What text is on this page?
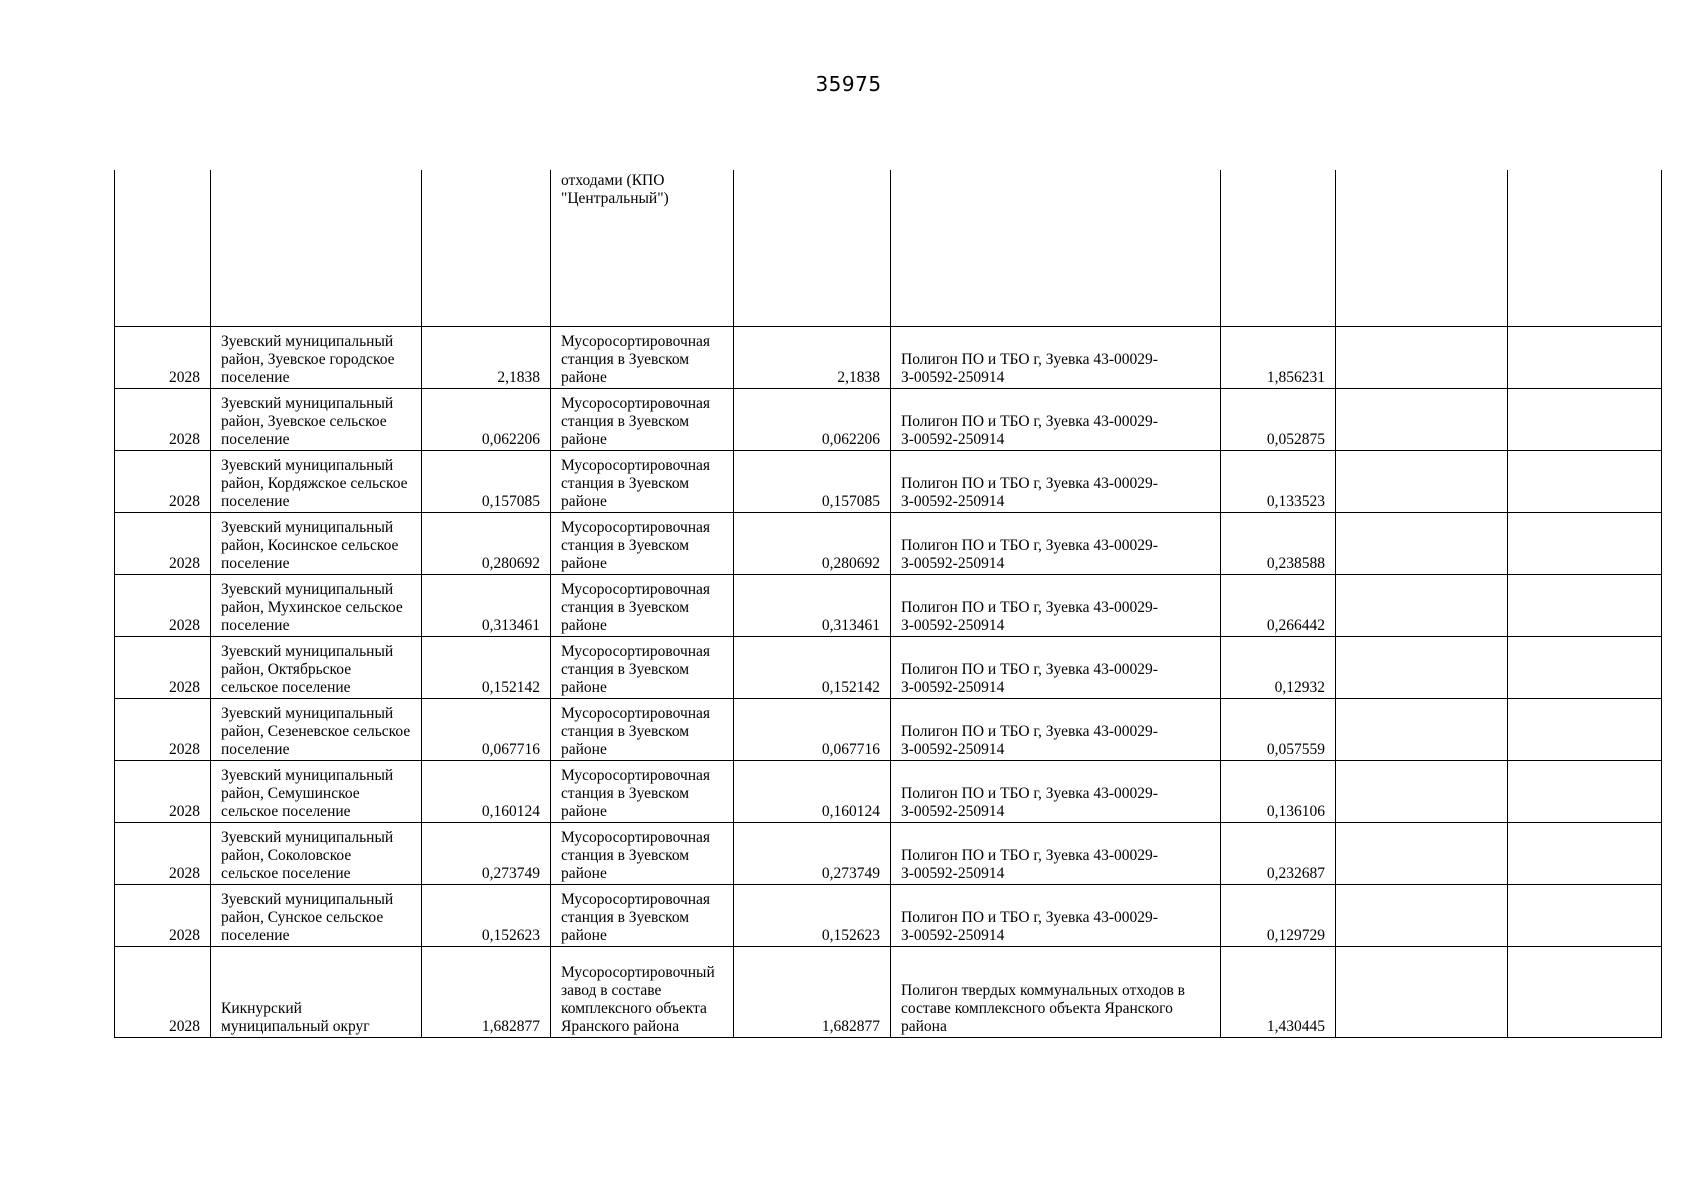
35975
			отходами (КПО "Центральный")					
2028	Зуевский муниципальный район, Зуевское городское поселение	2,1838	Мусоросортировочная станция в Зуевском районе	2,1838	Полигон ПО и ТБО г, Зуевка 43-00029-З-00592-250914	1,856231		
2028	Зуевский муниципальный район, Зуевское сельское поселение	0,062206	Мусоросортировочная станция в Зуевском районе	0,062206	Полигон ПО и ТБО г, Зуевка 43-00029-З-00592-250914	0,052875		
2028	Зуевский муниципальный район, Кордяжское сельское поселение	0,157085	Мусоросортировочная станция в Зуевском районе	0,157085	Полигон ПО и ТБО г, Зуевка 43-00029-З-00592-250914	0,133523		
2028	Зуевский муниципальный район, Косинское сельское поселение	0,280692	Мусоросортировочная станция в Зуевском районе	0,280692	Полигон ПО и ТБО г, Зуевка 43-00029-З-00592-250914	0,238588		
2028	Зуевский муниципальный район, Мухинское сельское поселение	0,313461	Мусоросортировочная станция в Зуевском районе	0,313461	Полигон ПО и ТБО г, Зуевка 43-00029-З-00592-250914	0,266442		
2028	Зуевский муниципальный район, Октябрьское сельское поселение	0,152142	Мусоросортировочная станция в Зуевском районе	0,152142	Полигон ПО и ТБО г, Зуевка 43-00029-З-00592-250914	0,12932		
2028	Зуевский муниципальный район, Сезеневское сельское поселение	0,067716	Мусоросортировочная станция в Зуевском районе	0,067716	Полигон ПО и ТБО г, Зуевка 43-00029-З-00592-250914	0,057559		
2028	Зуевский муниципальный район, Семушинское сельское поселение	0,160124	Мусоросортировочная станция в Зуевском районе	0,160124	Полигон ПО и ТБО г, Зуевка 43-00029-З-00592-250914	0,136106		
2028	Зуевский муниципальный район, Соколовское сельское поселение	0,273749	Мусоросортировочная станция в Зуевском районе	0,273749	Полигон ПО и ТБО г, Зуевка 43-00029-З-00592-250914	0,232687		
2028	Зуевский муниципальный район, Сунское сельское поселение	0,152623	Мусоросортировочная станция в Зуевском районе	0,152623	Полигон ПО и ТБО г, Зуевка 43-00029-З-00592-250914	0,129729		
2028	Кикнурский муниципальный округ	1,682877	Мусоросортировочный завод в составе комплексного объекта Яранского района	1,682877	Полигон твердых коммунальных отходов в составе комплексного объекта Яранского района	1,430445		
